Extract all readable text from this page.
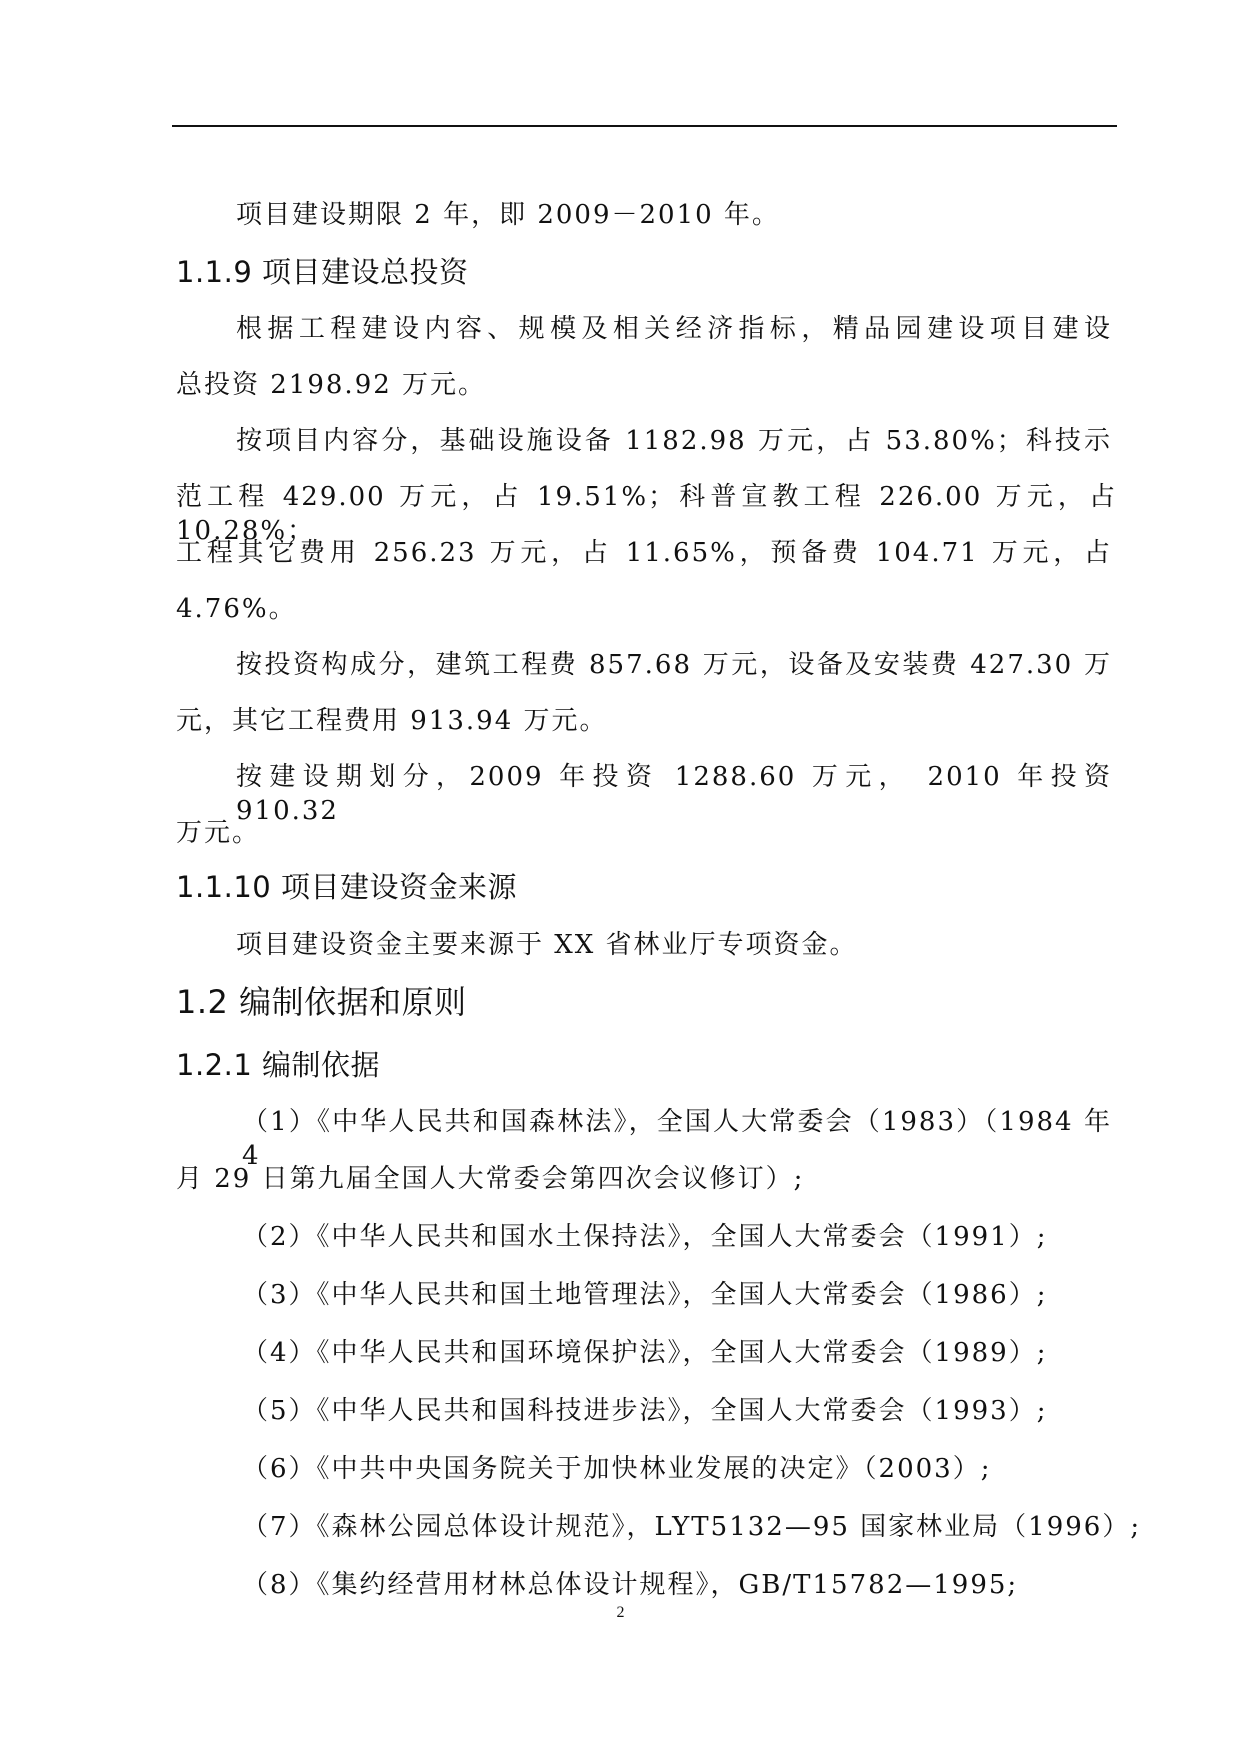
项目建设期限 2 年，即 2009－2010 年。
1.1.9 项目建设总投资
根据工程建设内容、规模及相关经济指标，精品园建设项目建设
总投资 2198.92 万元。
按项目内容分，基础设施设备 1182.98 万元，占 53.80%；科技示
范工程 429.00 万元，占 19.51%；科普宣教工程 226.00 万元，占 10.28%；
工程其它费用 256.23 万元，占 11.65%，预备费 104.71 万元，占
4.76%。
按投资构成分，建筑工程费 857.68 万元，设备及安装费 427.30 万
元，其它工程费用 913.94 万元。
按建设期划分，2009 年投资 1288.60 万元， 2010 年投资 910.32
万元。
1.1.10 项目建设资金来源
项目建设资金主要来源于 XX 省林业厅专项资金。
1.2 编制依据和原则
1.2.1 编制依据
（1）《中华人民共和国森林法》，全国人大常委会（1983）（1984 年 4
月 29 日第九届全国人大常委会第四次会议修订）;
（2）《中华人民共和国水土保持法》，全国人大常委会（1991）;
（3）《中华人民共和国土地管理法》，全国人大常委会（1986）;
（4）《中华人民共和国环境保护法》，全国人大常委会（1989）;
（5）《中华人民共和国科技进步法》，全国人大常委会（1993）;
（6）《中共中央国务院关于加快林业发展的决定》（2003）;
（7）《森林公园总体设计规范》，LYT5132—95 国家林业局（1996）;
（8）《集约经营用材林总体设计规程》，GB/T15782—1995;
2
